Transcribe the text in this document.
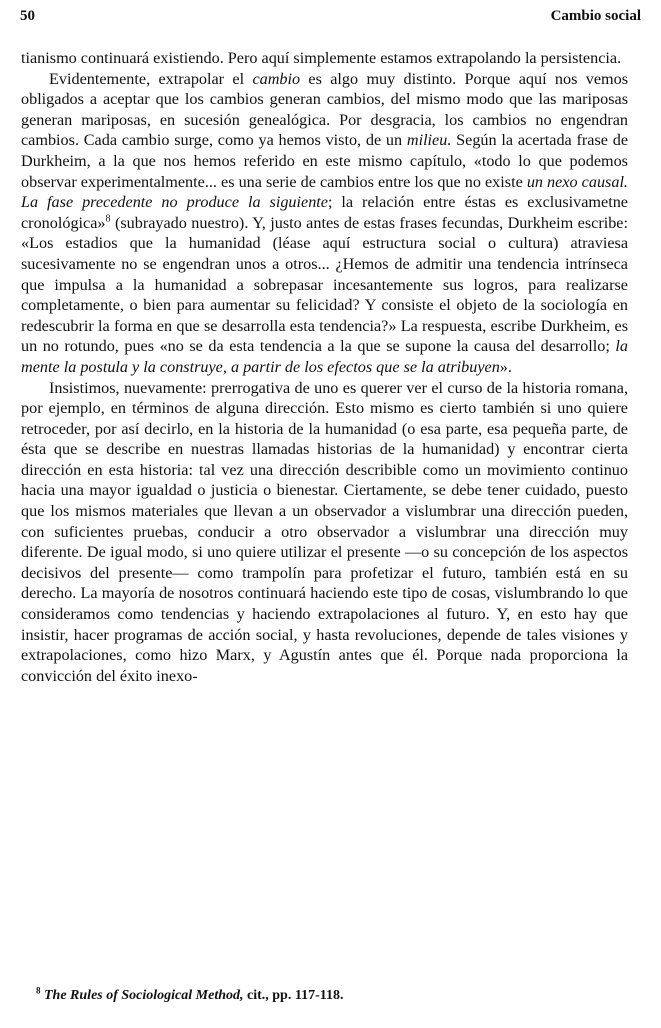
50	Cambio social

tianismo continuará existiendo. Pero aquí simplemente estamos extrapolando la persistencia.

Evidentemente, extrapolar el cambio es algo muy distinto. Porque aquí nos vemos obligados a aceptar que los cambios generan cambios, del mismo modo que las mariposas generan mariposas, en sucesión genealógica. Por desgracia, los cambios no engendran cambios. Cada cambio surge, como ya hemos visto, de un milieu. Según la acertada frase de Durkheim, a la que nos hemos referido en este mismo capítulo, «todo lo que podemos observar experimentalmente... es una serie de cambios entre los que no existe un nexo causal. La fase precedente no produce la siguiente; la relación entre éstas es exclusivametne cronológica»$^8$ (subrayado nuestro). Y, justo antes de estas frases fecundas, Durkheim escribe: «Los estadios que la humanidad (léase aquí estructura social o cultura) atraviesa sucesivamente no se engendran unos a otros... ¿Hemos de admitir una tendencia intrínseca que impulsa a la humanidad a sobrepasar incesantemente sus logros, para realizarse completamente, o bien para aumentar su felicidad? Y consiste el objeto de la sociología en redescubrir la forma en que se desarrolla esta tendencia?» La respuesta, escribe Durkheim, es un no rotundo, pues «no se da esta tendencia a la que se supone la causa del desarrollo; la mente la postula y la construye, a partir de los efectos que se la atribuyen».

Insistimos, nuevamente: prerrogativa de uno es querer ver el curso de la historia romana, por ejemplo, en términos de alguna dirección. Esto mismo es cierto también si uno quiere retroceder, por así decirlo, en la historia de la humanidad (o esa parte, esa pequeña parte, de ésta que se describe en nuestras llamadas historias de la humanidad) y encontrar cierta dirección en esta historia: tal vez una dirección describible como un movimiento continuo hacia una mayor igualdad o justicia o bienestar. Ciertamente, se debe tener cuidado, puesto que los mismos materiales que llevan a un observador a vislumbrar una dirección pueden, con suficientes pruebas, conducir a otro observador a vislumbrar una dirección muy diferente. De igual modo, si uno quiere utilizar el presente —o su concepción de los aspectos decisivos del presente— como trampolín para profetizar el futuro, también está en su derecho. La mayoría de nosotros continuará haciendo este tipo de cosas, vislumbrando lo que consideramos como tendencias y haciendo extrapolaciones al futuro. Y, en esto hay que insistir, hacer programas de acción social, y hasta revoluciones, depende de tales visiones y extrapolaciones, como hizo Marx, y Agustín antes que él. Porque nada proporciona la convicción del éxito inexo-

$^8$ The Rules of Sociological Method, cit., pp. 117-118.
